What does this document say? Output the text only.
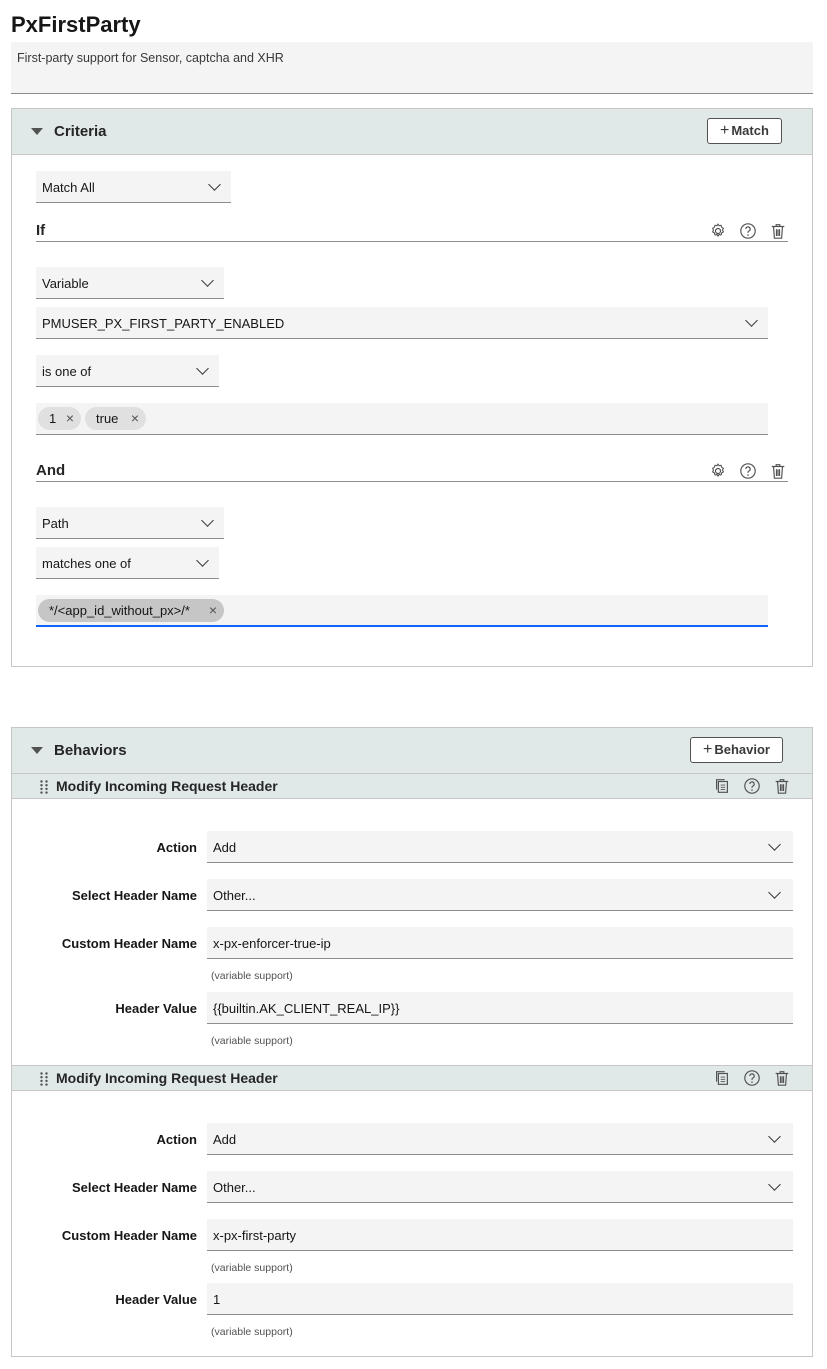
PxFirstParty
First-party support for Sensor, captcha and XHR
Criteria	+ Match
Match All
If
Variable
PMUSER_PX_FIRST_PARTY_ENABLED
is one of
1 ×	true ×
And
Path
matches one of
*/<app_id_without_px>/* ×
Behaviors	+ Behavior
Modify Incoming Request Header
Action Add
Select Header Name Other...
Custom Header Name x-px-enforcer-true-ip
(variable support)
Header Value {{builtin.AK_CLIENT_REAL_IP}}
(variable support)
Modify Incoming Request Header
Action Add
Select Header Name Other...
Custom Header Name x-px-first-party
(variable support)
Header Value 1
(variable support)
